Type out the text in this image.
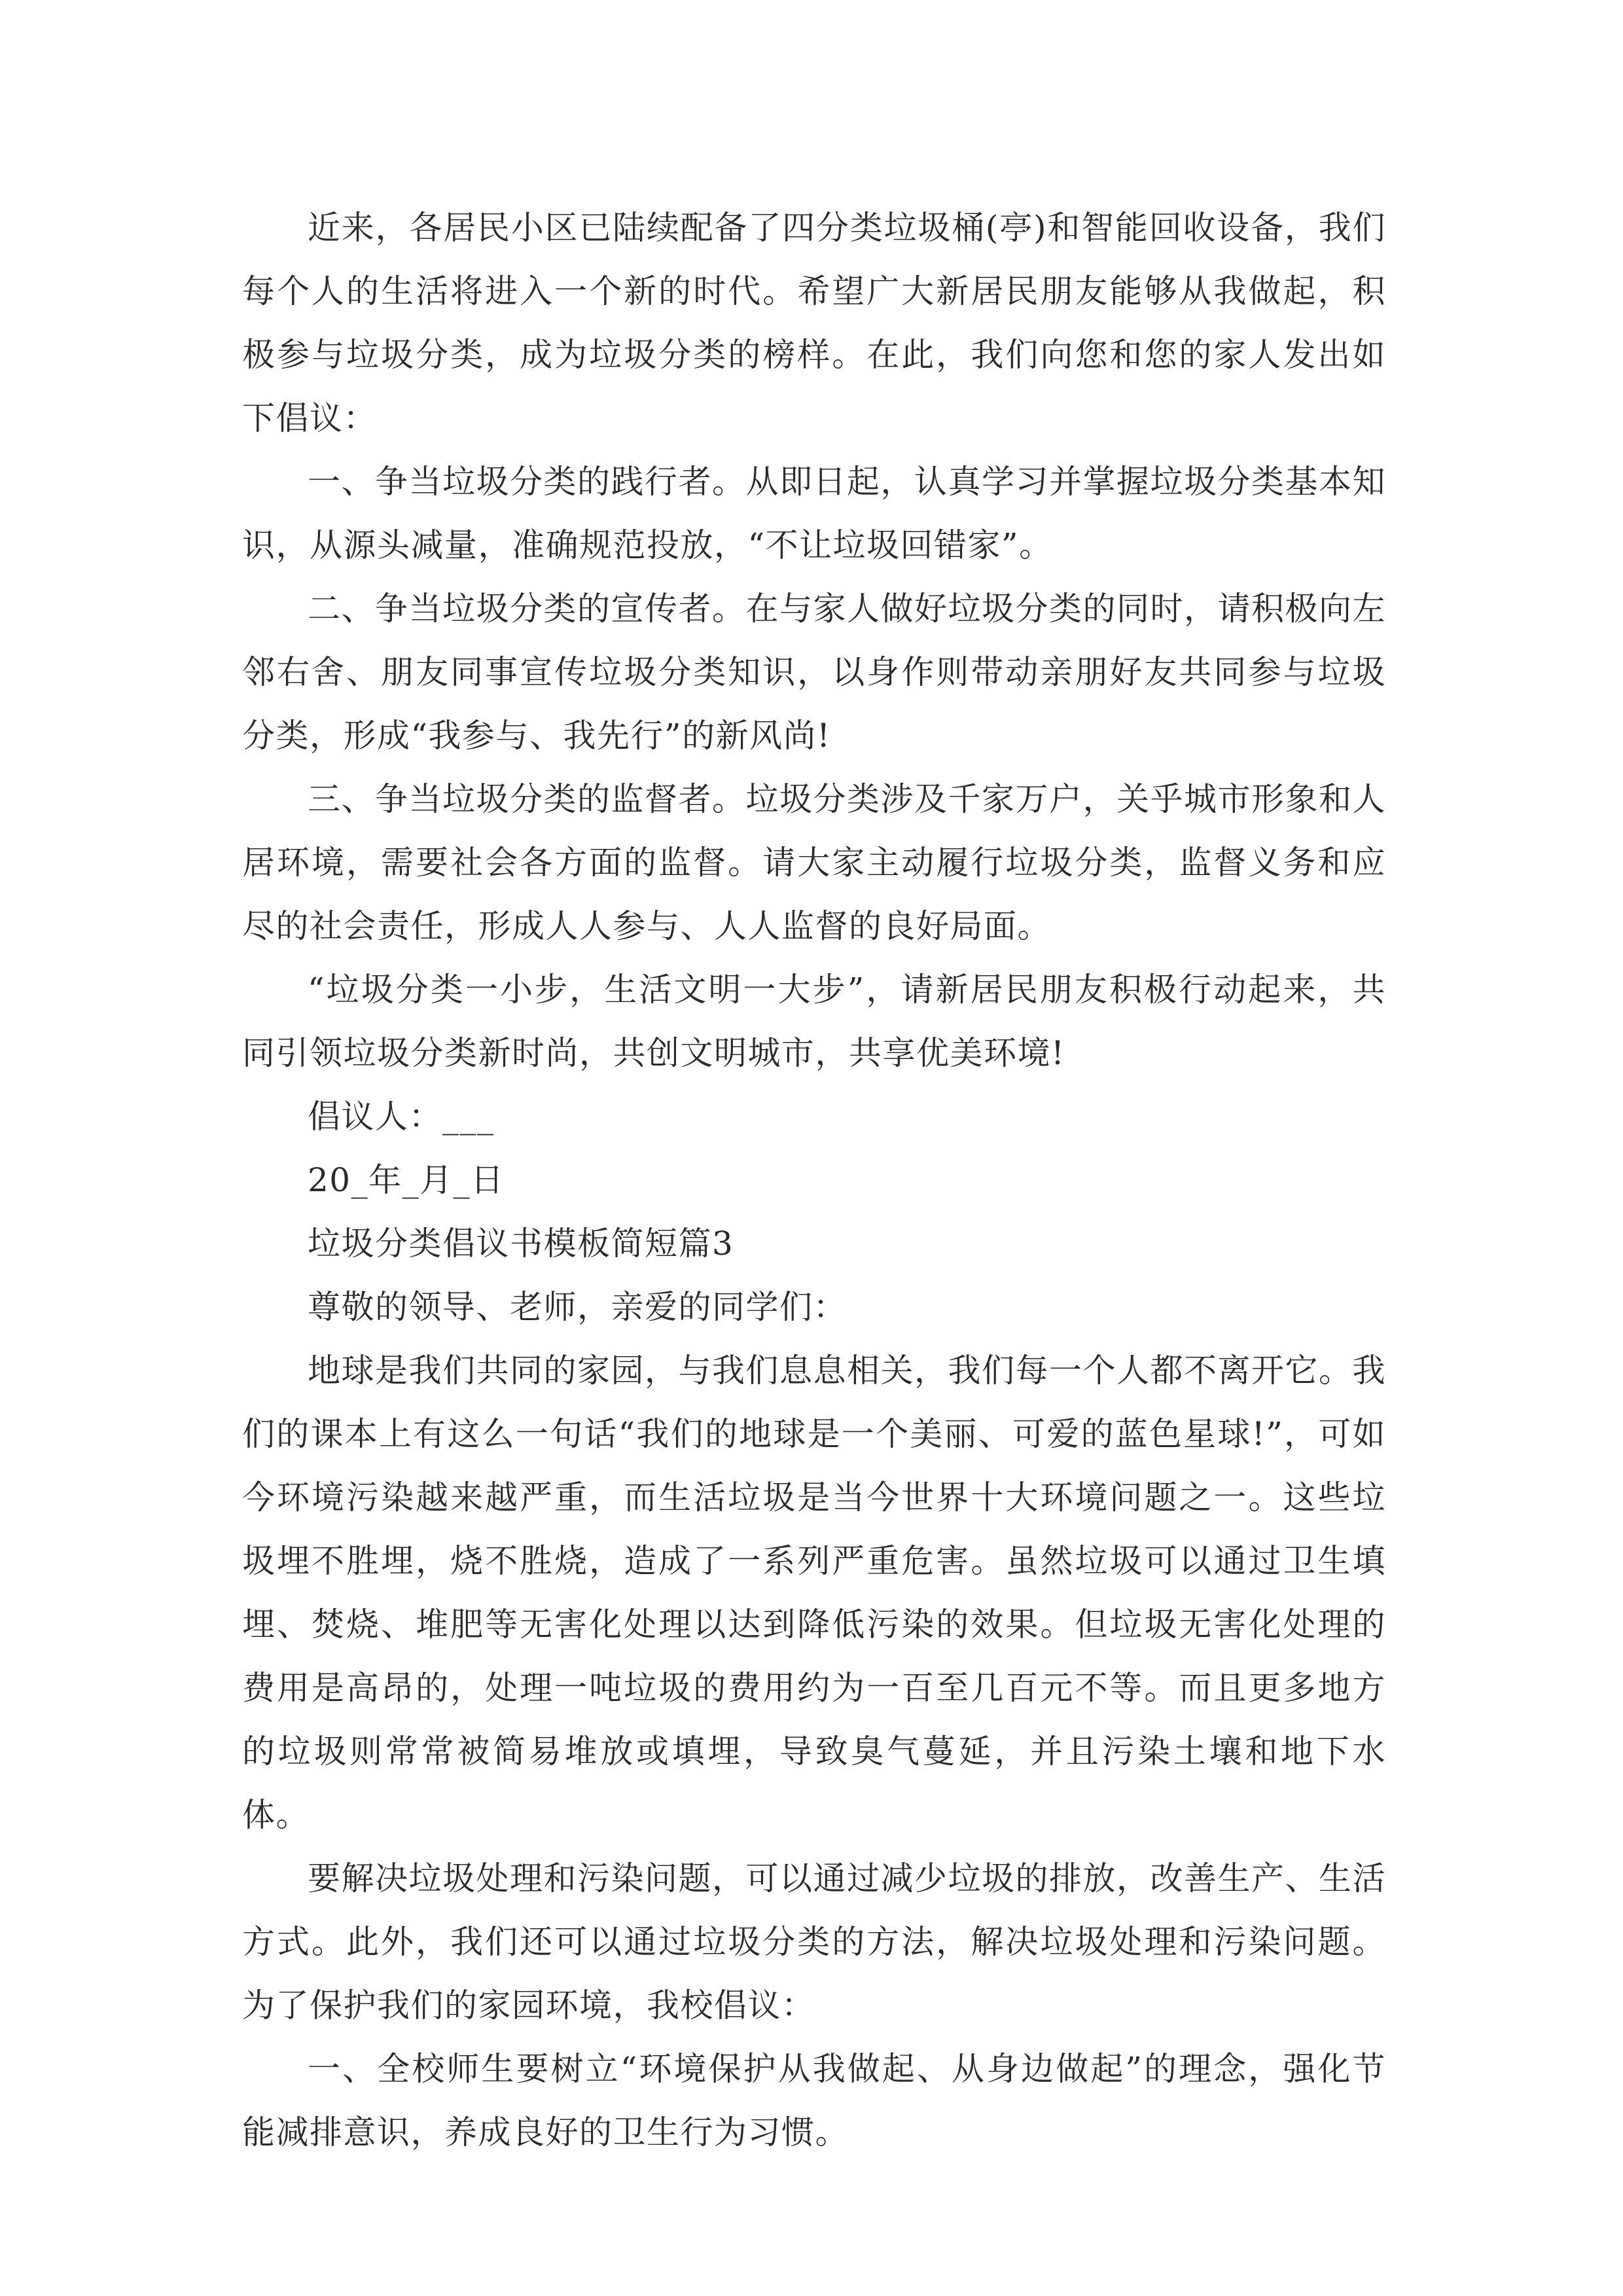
近来，各居民小区已陆续配备了四分类垃圾桶(亭)和智能回收设备，我们每个人的生活将进入一个新的时代。希望广大新居民朋友能够从我做起，积极参与垃圾分类，成为垃圾分类的榜样。在此，我们向您和您的家人发出如下倡议：

一、争当垃圾分类的践行者。从即日起，认真学习并掌握垃圾分类基本知识，从源头减量，准确规范投放，“不让垃圾回错家”。

二、争当垃圾分类的宣传者。在与家人做好垃圾分类的同时，请积极向左邻右舍、朋友同事宣传垃圾分类知识，以身作则带动亲朋好友共同参与垃圾分类，形成“我参与、我先行”的新风尚!

三、争当垃圾分类的监督者。垃圾分类涉及千家万户，关乎城市形象和人居环境，需要社会各方面的监督。请大家主动履行垃圾分类，监督义务和应尽的社会责任，形成人人参与、人人监督的良好局面。

“垃圾分类一小步，生活文明一大步”，请新居民朋友积极行动起来，共同引领垃圾分类新时尚，共创文明城市，共享优美环境!

倡议人：___

20_年_月_日

垃圾分类倡议书模板简短篇3

尊敬的领导、老师，亲爱的同学们：

地球是我们共同的家园，与我们息息相关，我们每一个人都不离开它。我们的课本上有这么一句话“我们的地球是一个美丽、可爱的蓝色星球!”，可如今环境污染越来越严重，而生活垃圾是当今世界十大环境问题之一。这些垃圾埋不胜埋，烧不胜烧，造成了一系列严重危害。虽然垃圾可以通过卫生填埋、焚烧、堆肥等无害化处理以达到降低污染的效果。但垃圾无害化处理的费用是高昂的，处理一吨垃圾的费用约为一百至几百元不等。而且更多地方的垃圾则常常被简易堆放或填埋，导致臭气蔓延，并且污染土壤和地下水体。

要解决垃圾处理和污染问题，可以通过减少垃圾的排放，改善生产、生活方式。此外，我们还可以通过垃圾分类的方法，解决垃圾处理和污染问题。为了保护我们的家园环境，我校倡议：

一、全校师生要树立“环境保护从我做起、从身边做起”的理念，强化节能减排意识，养成良好的卫生行为习惯。
